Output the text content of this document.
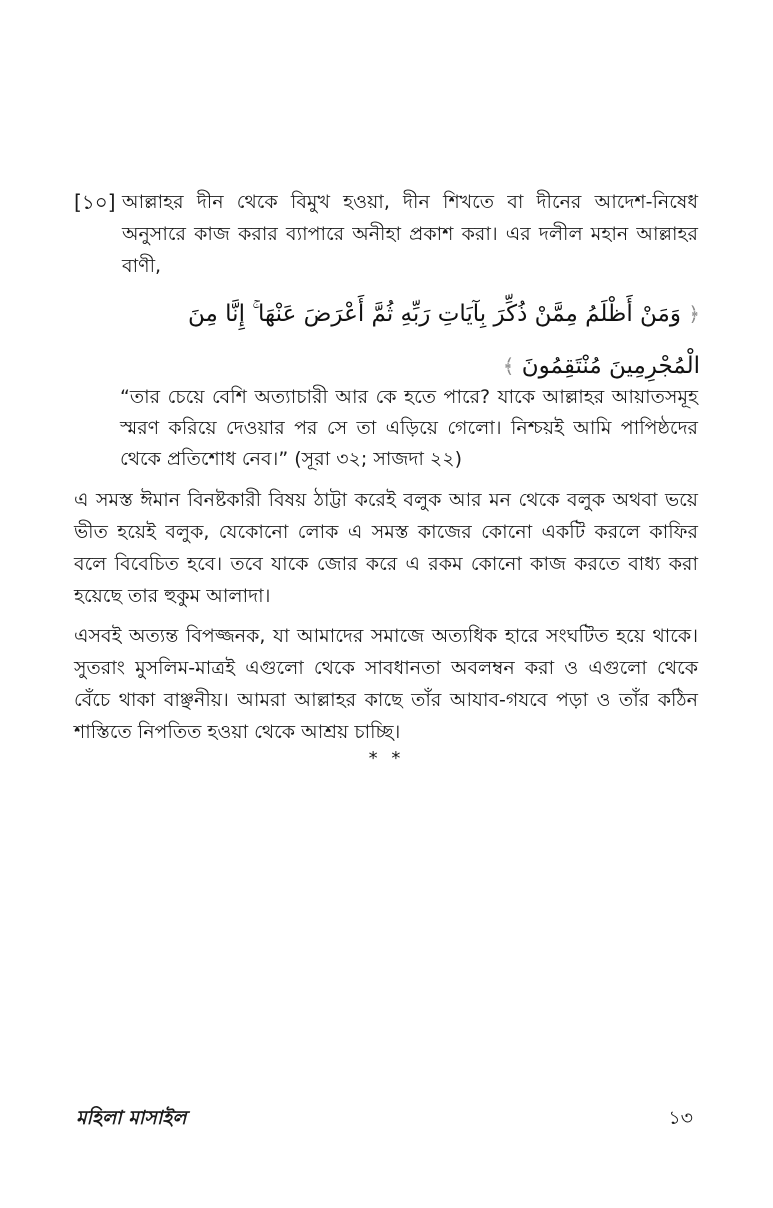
[১০] আল্লাহর দীন থেকে বিমুখ হওয়া, দীন শিখতে বা দীনের আদেশ-নিষেধ অনুসারে কাজ করার ব্যাপারে অনীহা প্রকাশ করা। এর দলীল মহান আল্লাহর বাণী,
﴿ وَمَنْ أَظْلَمُ مِمَّنْ ذُكِّرَ بِآيَاتِ رَبِّهِ ثُمَّ أَعْرَضَ عَنْهَا ۚ إِنَّا مِنَ الْمُجْرِمِينَ مُنْتَقِمُونَ ﴾
“তার চেয়ে বেশি অত্যাচারী আর কে হতে পারে? যাকে আল্লাহর আয়াতসমূহ স্মরণ করিয়ে দেওয়ার পর সে তা এড়িয়ে গেলো। নিশ্চয়ই আমি পাপিষ্ঠদের থেকে প্রতিশোধ নেব।” (সূরা ৩২; সাজদা ২২)
এ সমস্ত ঈমান বিনষ্টকারী বিষয় ঠাট্টা করেই বলুক আর মন থেকে বলুক অথবা ভয়ে ভীত হয়েই বলুক, যেকোনো লোক এ সমস্ত কাজের কোনো একটি করলে কাফির বলে বিবেচিত হবে। তবে যাকে জোর করে এ রকম কোনো কাজ করতে বাধ্য করা হয়েছে তার হুকুম আলাদা।
এসবই অত্যন্ত বিপজ্জনক, যা আমাদের সমাজে অত্যধিক হারে সংঘটিত হয়ে থাকে। সুতরাং মুসলিম-মাত্রই এগুলো থেকে সাবধানতা অবলম্বন করা ও এগুলো থেকে বেঁচে থাকা বাঞ্ছনীয়। আমরা আল্লাহর কাছে তাঁর আযাব-গযবে পড়া ও তাঁর কঠিন শাস্তিতে নিপতিত হওয়া থেকে আশ্রয় চাচ্ছি।
* *
মহিলা মাসাইল	১৩
